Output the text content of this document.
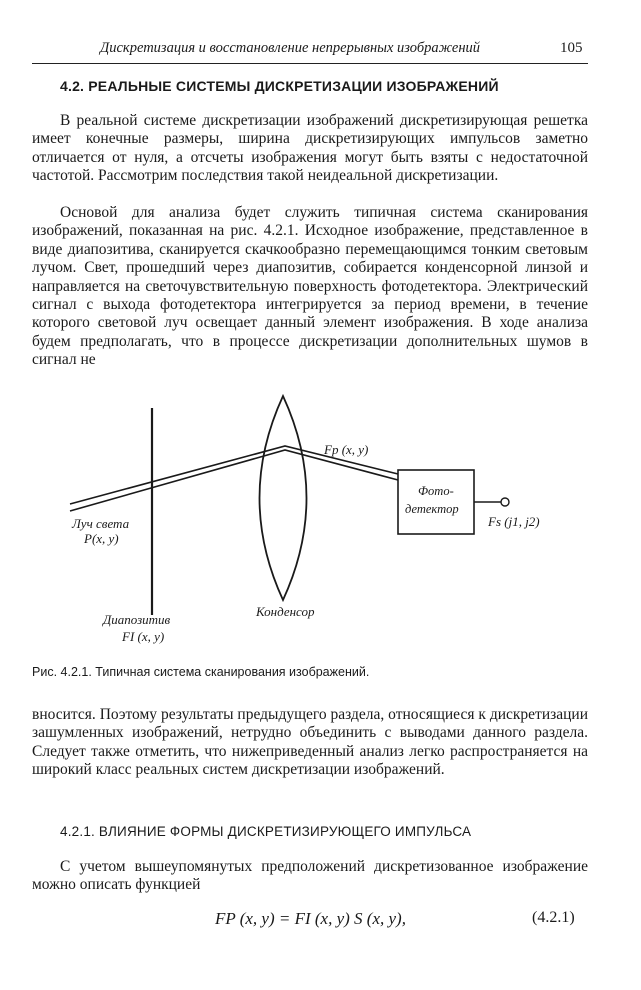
Дискретизация и восстановление непрерывных изображений	105
4.2. РЕАЛЬНЫЕ СИСТЕМЫ ДИСКРЕТИЗАЦИИ ИЗОБРАЖЕНИЙ

В реальной системе дискретизации изображений дискретизирующая решетка имеет конечные размеры, ширина дискретизирующих импульсов заметно отличается от нуля, а отсчеты изображения могут быть взяты с недостаточной частотой. Рассмотрим последствия такой неидеальной дискретизации.

Основой для анализа будет служить типичная система сканирования изображений, показанная на рис. 4.2.1. Исходное изображение, представленное в виде диапозитива, сканируется скачкообразно перемещающимся тонким световым лучом. Свет, прошедший через диапозитив, собирается конденсорной линзой и направляется на светочувствительную поверхность фотодетектора. Электрический сигнал с выхода фотодетектора интегрируется за период времени, в течение которого световой луч освещает данный элемент изображения. В ходе анализа будем предполагать, что в процессе дискретизации дополнительных шумов в сигнал не

Fp (x, y)
Фото-
детектор
Fs (j1, j2)
Луч света
P(x, y)
Диапозитив
FI (x, y)
Конденсор
Рис. 4.2.1. Типичная система сканирования изображений.

вносится. Поэтому результаты предыдущего раздела, относящиеся к дискретизации зашумленных изображений, нетрудно объединить с выводами данного раздела. Следует также отметить, что нижеприведенный анализ легко распространяется на широкий класс реальных систем дискретизации изображений.

4.2.1. ВЛИЯНИЕ ФОРМЫ ДИСКРЕТИЗИРУЮЩЕГО ИМПУЛЬСА

С учетом вышеупомянутых предположений дискретизованное изображение можно описать функцией

FP (x, y) = FI (x, y) S (x, y),	(4.2.1)
